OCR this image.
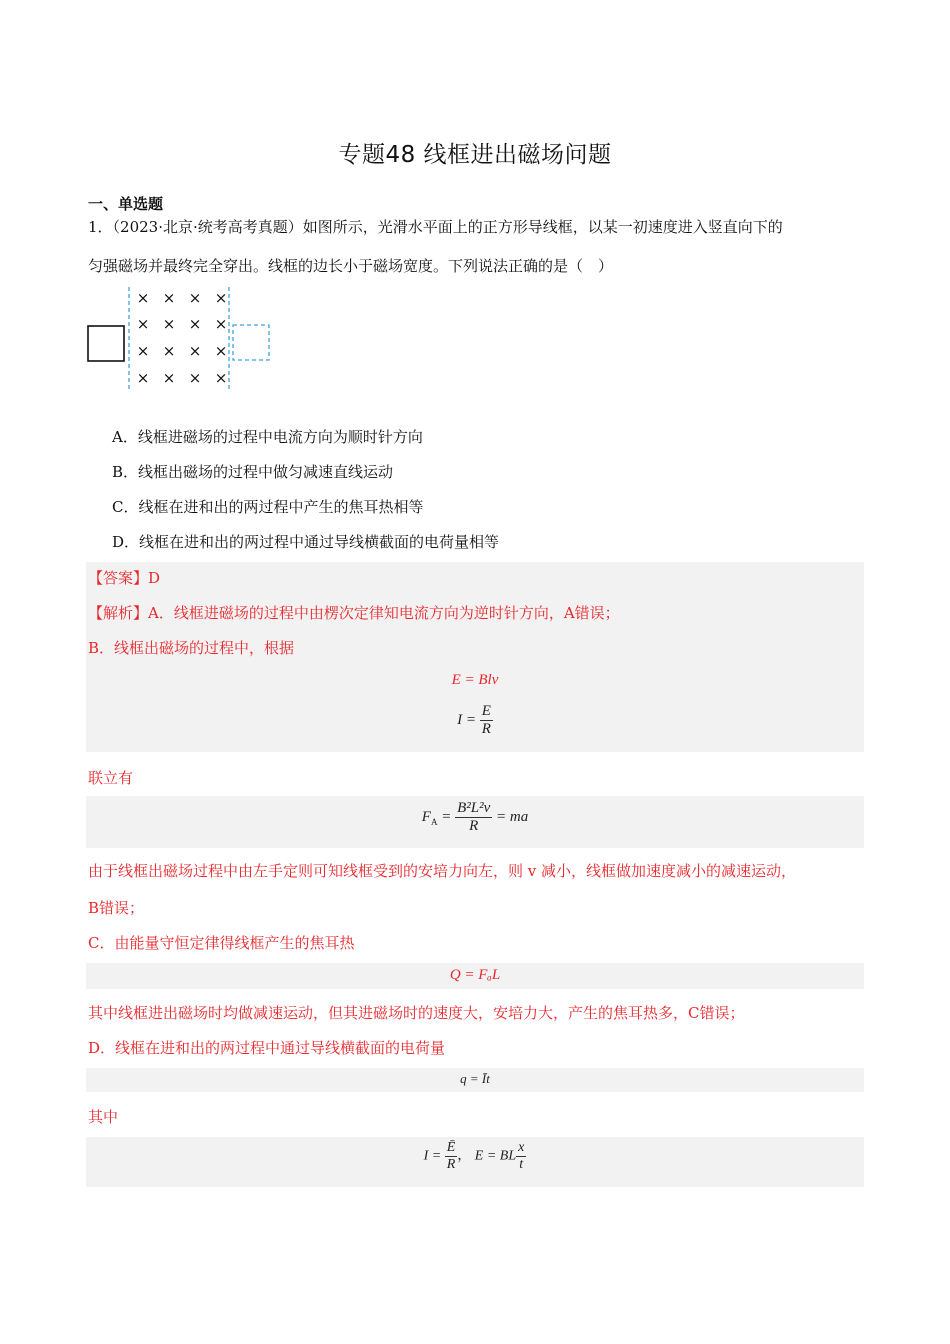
专题48 线框进出磁场问题
一、单选题
1．（2023·北京·统考高考真题）如图所示，光滑水平面上的正方形导线框，以某一初速度进入竖直向下的
匀强磁场并最终完全穿出。线框的边长小于磁场宽度。下列说法正确的是（　）
× × × ×
× × × ×
× × × ×
× × × ×
A．线框进磁场的过程中电流方向为顺时针方向
B．线框出磁场的过程中做匀减速直线运动
C．线框在进和出的两过程中产生的焦耳热相等
D．线框在进和出的两过程中通过导线横截面的电荷量相等
【答案】D
【解析】A．线框进磁场的过程中由楞次定律知电流方向为逆时针方向，A错误；
B．线框出磁场的过程中，根据
E = Blv
$I = \frac{E}{R}$
联立有
$F_A = \frac{\text{B²L²v}}{R}$ = ma
由于线框出磁场过程中由左手定则可知线框受到的安培力向左，则 v 减小，线框做加速度减小的减速运动，
B错误；
C．由能量守恒定律得线框产生的焦耳热
Q = FₐL
其中线框进出磁场时均做减速运动，但其进磁场时的速度大，安培力大，产生的焦耳热多，C错误；
D．线框在进和出的两过程中通过导线横截面的电荷量
q = Īt
其中
$I = \frac{Ē}{R}$ ， E = BL $\frac{x}{t}$
